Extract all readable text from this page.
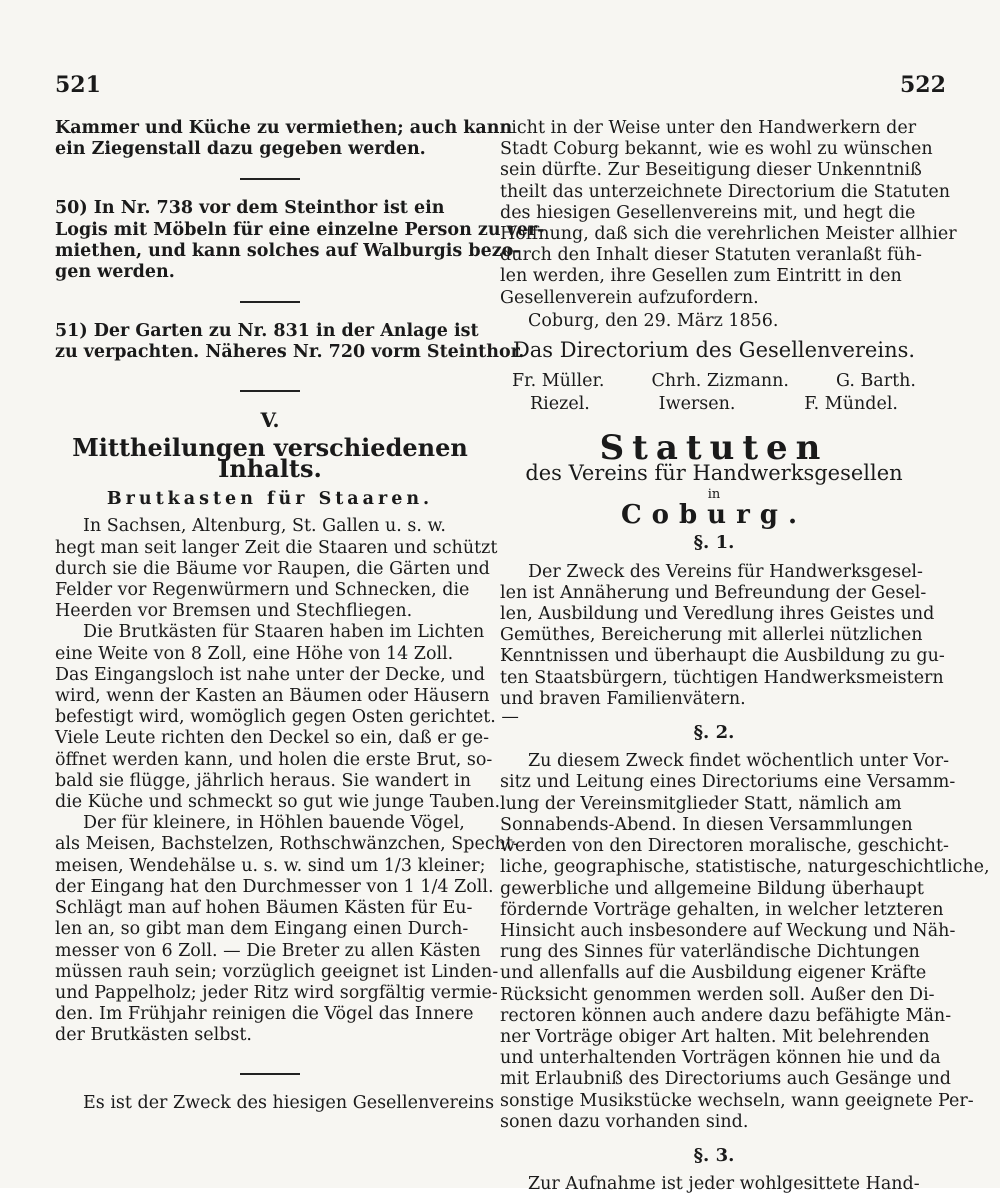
521	522

Kammer und Küche zu vermiethen; auch kann
ein Ziegenstall dazu gegeben werden.

50) In Nr. 738 vor dem Steinthor ist ein
Logis mit Möbeln für eine einzelne Person zu ver-
miethen, und kann solches auf Walburgis bezo-
gen werden.

51) Der Garten zu Nr. 831 in der Anlage ist
zu verpachten. Näheres Nr. 720 vorm Steinthor.

V.
Mittheilungen verschiedenen Inhalts.
Brutkasten für Staaren.

In Sachsen, Altenburg, St. Gallen u. s. w.
hegt man seit langer Zeit die Staaren und schützt
durch sie die Bäume vor Raupen, die Gärten und
Felder vor Regenwürmern und Schnecken, die
Heerden vor Bremsen und Stechfliegen.

Die Brutkästen für Staaren haben im Lichten
eine Weite von 8 Zoll, eine Höhe von 14 Zoll.
Das Eingangsloch ist nahe unter der Decke, und
wird, wenn der Kasten an Bäumen oder Häusern
befestigt wird, womöglich gegen Osten gerichtet. —
Viele Leute richten den Deckel so ein, daß er ge-
öffnet werden kann, und holen die erste Brut, so-
bald sie flügge, jährlich heraus. Sie wandert in
die Küche und schmeckt so gut wie junge Tauben.

Der für kleinere, in Höhlen bauende Vögel,
als Meisen, Bachstelzen, Rothschwänzchen, Specht-
meisen, Wendehälse u. s. w. sind um 1/3 kleiner;
der Eingang hat den Durchmesser von 1 1/4 Zoll.
Schlägt man auf hohen Bäumen Kästen für Eu-
len an, so gibt man dem Eingang einen Durch-
messer von 6 Zoll. — Die Breter zu allen Kästen
müssen rauh sein; vorzüglich geeignet ist Linden-
und Pappelholz; jeder Ritz wird sorgfältig vermie-
den. Im Frühjahr reinigen die Vögel das Innere
der Brutkästen selbst.

Es ist der Zweck des hiesigen Gesellenvereins

nicht in der Weise unter den Handwerkern der
Stadt Coburg bekannt, wie es wohl zu wünschen
sein dürfte. Zur Beseitigung dieser Unkenntniß
theilt das unterzeichnete Directorium die Statuten
des hiesigen Gesellenvereins mit, und hegt die
Hoffnung, daß sich die verehrlichen Meister allhier
durch den Inhalt dieser Statuten veranlaßt füh-
len werden, ihre Gesellen zum Eintritt in den
Gesellenverein aufzufordern.

Coburg, den 29. März 1856.
Das Directorium des Gesellenvereins.
Fr. Müller.	Chrh. Zizmann.	G. Barth.
Riezel.	Iwersen.	F. Mündel.
Statuten
des Vereins für Handwerksgesellen
in
Coburg.
§. 1.

Der Zweck des Vereins für Handwerksgesel-
len ist Annäherung und Befreundung der Gesel-
len, Ausbildung und Veredlung ihres Geistes und
Gemüthes, Bereicherung mit allerlei nützlichen
Kenntnissen und überhaupt die Ausbildung zu gu-
ten Staatsbürgern, tüchtigen Handwerksmeistern
und braven Familienvätern.

§. 2.

Zu diesem Zweck findet wöchentlich unter Vor-
sitz und Leitung eines Directoriums eine Versamm-
lung der Vereinsmitglieder Statt, nämlich am
Sonnabends-Abend. In diesen Versammlungen
werden von den Directoren moralische, geschicht-
liche, geographische, statistische, naturgeschichtliche,
gewerbliche und allgemeine Bildung überhaupt
fördernde Vorträge gehalten, in welcher letzteren
Hinsicht auch insbesondere auf Weckung und Näh-
rung des Sinnes für vaterländische Dichtungen
und allenfalls auf die Ausbildung eigener Kräfte
Rücksicht genommen werden soll. Außer den Di-
rectoren können auch andere dazu befähigte Män-
ner Vorträge obiger Art halten. Mit belehrenden
und unterhaltenden Vorträgen können hie und da
mit Erlaubniß des Directoriums auch Gesänge und
sonstige Musikstücke wechseln, wann geeignete Per-
sonen dazu vorhanden sind.

§. 3.

Zur Aufnahme ist jeder wohlgesittete Hand-
